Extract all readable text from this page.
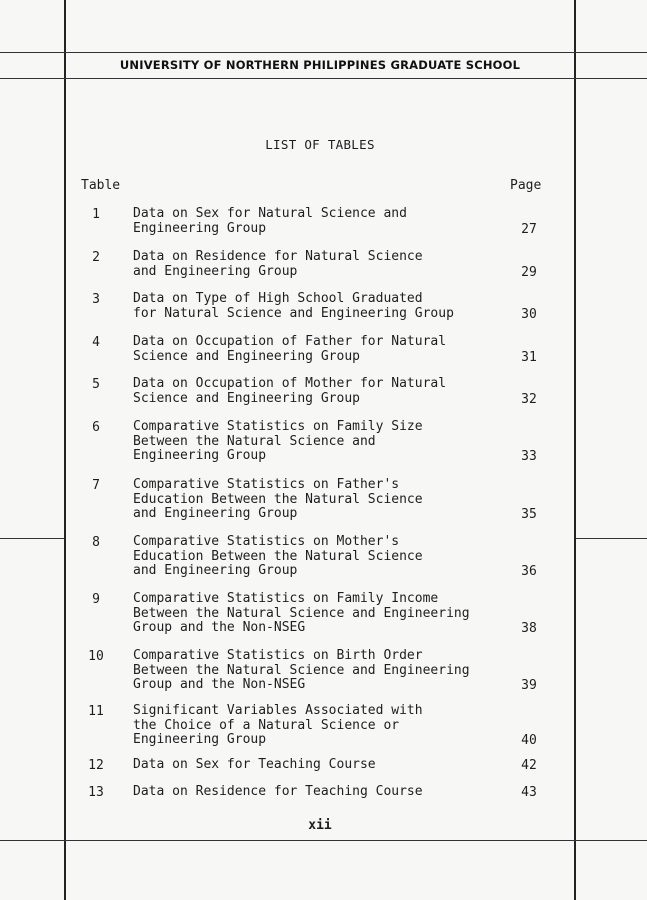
UNIVERSITY OF NORTHERN PHILIPPINES GRADUATE SCHOOL
LIST OF TABLES
Table	Page
1	Data on Sex for Natural Science and
Engineering Group	27
2	Data on Residence for Natural Science
and Engineering Group	29
3	Data on Type of High School Graduated
for Natural Science and Engineering Group	30
4	Data on Occupation of Father for Natural
Science and Engineering Group	31
5	Data on Occupation of Mother for Natural
Science and Engineering Group	32
6	Comparative Statistics on Family Size
Between the Natural Science and
Engineering Group	33
7	Comparative Statistics on Father's
Education Between the Natural Science
and Engineering Group	35
8	Comparative Statistics on Mother's
Education Between the Natural Science
and Engineering Group	36
9	Comparative Statistics on Family Income
Between the Natural Science and Engineering
Group and the Non-NSEG	38
10	Comparative Statistics on Birth Order
Between the Natural Science and Engineering
Group and the Non-NSEG	39
11	Significant Variables Associated with
the Choice of a Natural Science or
Engineering Group	40
12	Data on Sex for Teaching Course	42
13	Data on Residence for Teaching Course	43
xii
